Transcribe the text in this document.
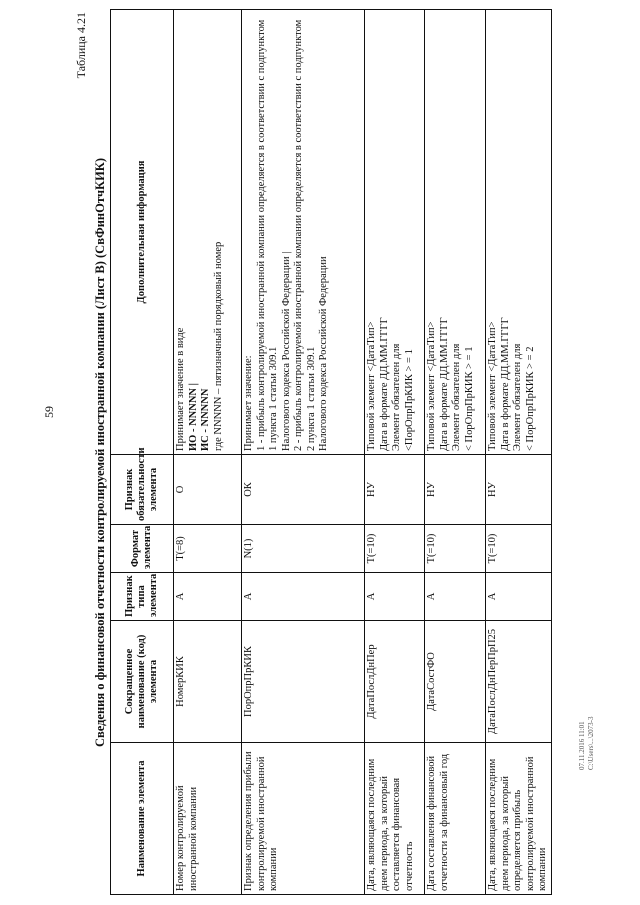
59
Таблица 4.21
Сведения о финансовой отчетности контролируемой иностранной компании (Лист В) (СвФинОтчКИК)
Наименование элемента	Сокращенное наименование (код) элемента	Признак типа элемента	Формат элемента	Признак обязательности элемента	Дополнительная информация
Номер контролируемой иностранной компании	НомерКИК	А	T(=8)	О	Принимает значение в виде ИО - NNNNN | ИС - NNNNN где NNNNN – пятизначный порядковый номер

Признак определения прибыли контролируемой иностранной компании	ПорОпрПрКИК	А	N(1)	ОК	Принимает значение: 1 - прибыль контролируемой иностранной компании определяется в соответствии с подпунктом 1 пункта 1 статьи 309.1 Налогового кодекса Российской Федерации | 2 - прибыль контролируемой иностранной компании определяется в соответствии с подпунктом 2 пункта 1 статьи 309.1 Налогового кодекса Российской Федерации

Дата, являющаяся последним днем периода, за который составляется финансовая отчетность	ДатаПослДнПер	А	T(=10)	НУ	Типовой элемент <ДатаТип> Дата в формате ДД.ММ.ГГГГ Элемент обязателен для <ПорОпрПрКИК > = 1

Дата составления финансовой отчетности за финансовый год	ДатаСостФО	А	T(=10)	НУ	Типовой элемент <ДатаТип> Дата в формате ДД.ММ.ГГГГ Элемент обязателен для < ПорОпрПрКИК > = 1

Дата, являющаяся последним днем периода, за который определяется прибыль контролируемой иностранной компании	ДатаПослДнПерПрП25	А	T(=10)	НУ	Типовой элемент <ДатаТип> Дата в формате ДД.ММ.ГГГГ Элемент обязателен для < ПорОпрПрКИК > = 2
07.11.2016 11:01 C:\Users\...\2073-3
